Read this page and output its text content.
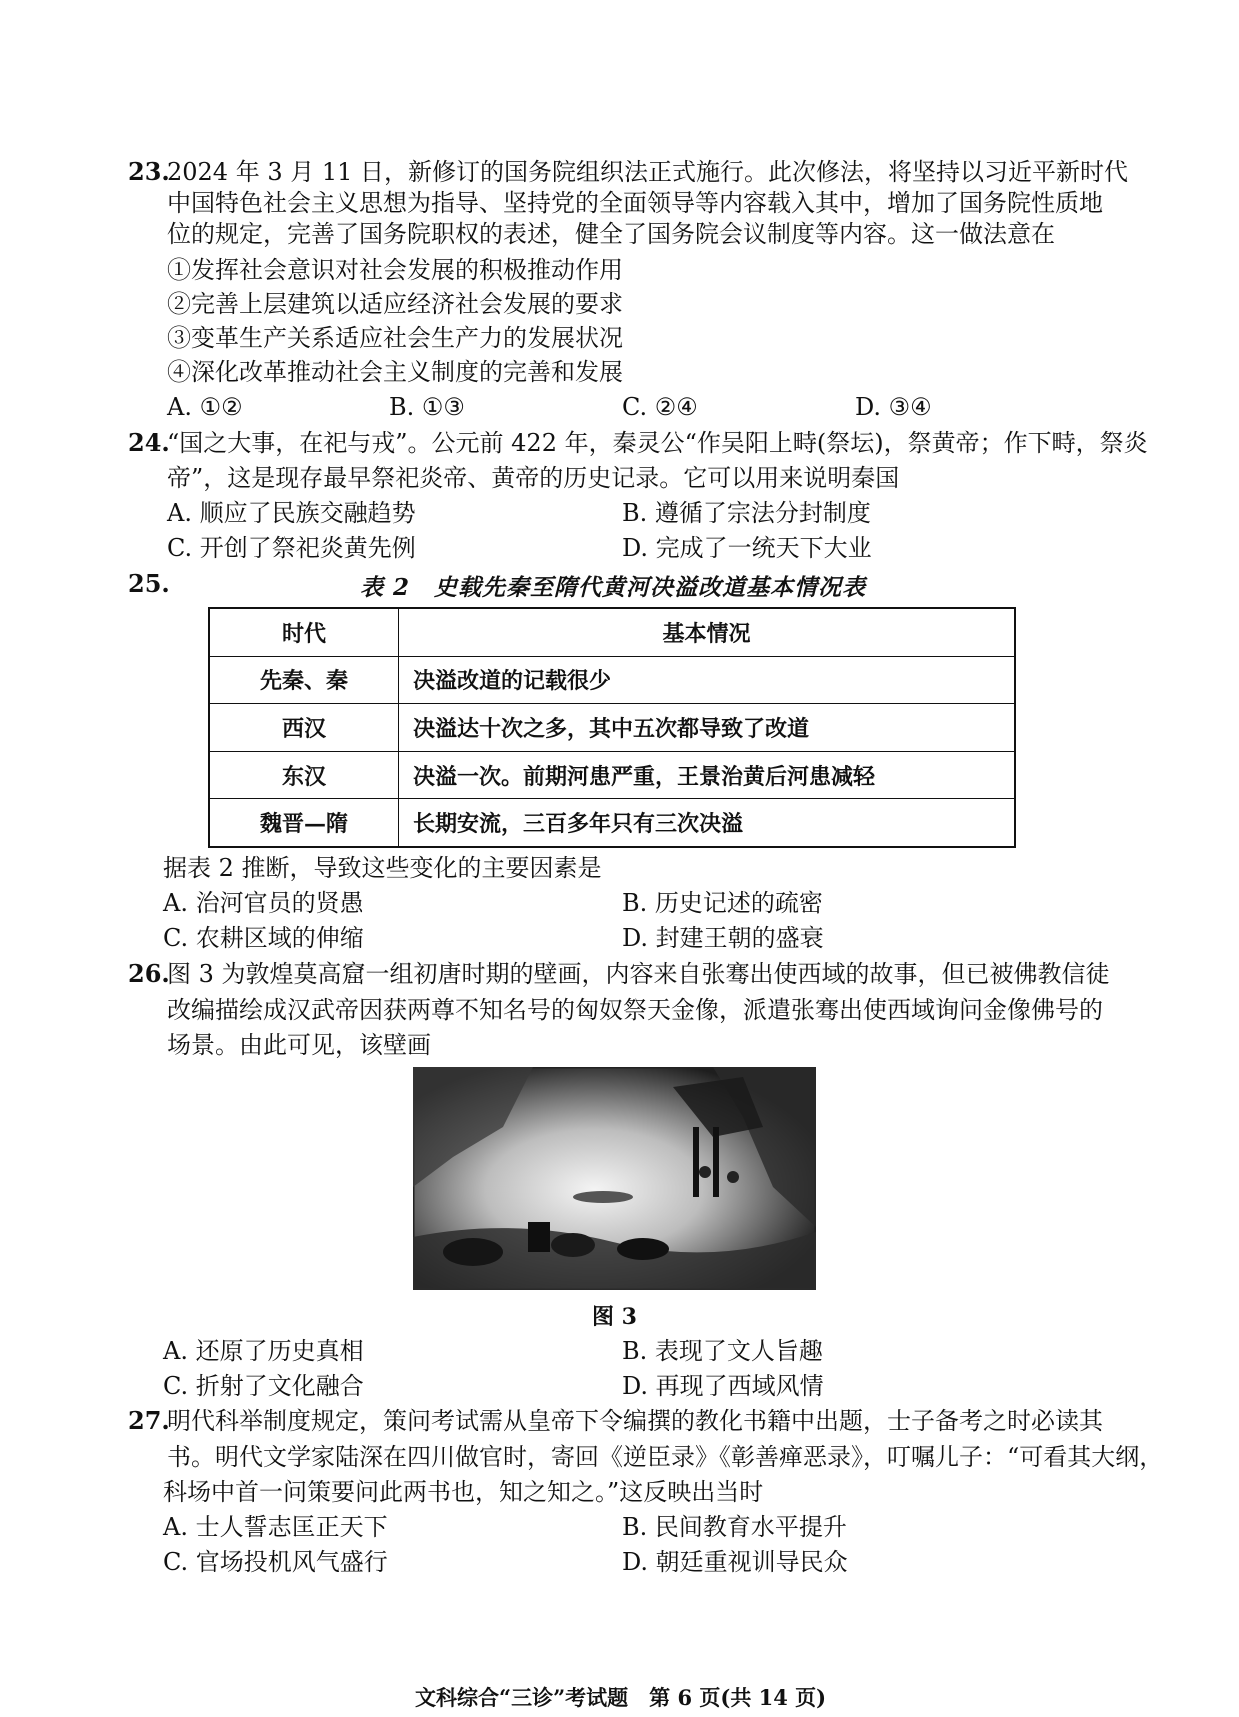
23.
2024 年 3 月 11 日，新修订的国务院组织法正式施行。此次修法，将坚持以习近平新时代
中国特色社会主义思想为指导、坚持党的全面领导等内容载入其中，增加了国务院性质地
位的规定，完善了国务院职权的表述，健全了国务院会议制度等内容。这一做法意在
①发挥社会意识对社会发展的积极推动作用
②完善上层建筑以适应经济社会发展的要求
③变革生产关系适应社会生产力的发展状况
④深化改革推动社会主义制度的完善和发展
A. ①②	B. ①③	C. ②④	D. ③④
24.
“国之大事，在祀与戎”。公元前 422 年，秦灵公“作吴阳上畤(祭坛)，祭黄帝；作下畤，祭炎
帝”，这是现存最早祭祀炎帝、黄帝的历史记录。它可以用来说明秦国
A. 顺应了民族交融趋势	B. 遵循了宗法分封制度
C. 开创了祭祀炎黄先例	D. 完成了一统天下大业
25.	表 2　史载先秦至隋代黄河决溢改道基本情况表
时代	基本情况
先秦、秦	决溢改道的记载很少
西汉	决溢达十次之多，其中五次都导致了改道
东汉	决溢一次。前期河患严重，王景治黄后河患减轻
魏晋—隋	长期安流，三百多年只有三次决溢
据表 2 推断，导致这些变化的主要因素是
A. 治河官员的贤愚	B. 历史记述的疏密
C. 农耕区域的伸缩	D. 封建王朝的盛衰
26.
图 3 为敦煌莫高窟一组初唐时期的壁画，内容来自张骞出使西域的故事，但已被佛教信徒
改编描绘成汉武帝因获两尊不知名号的匈奴祭天金像，派遣张骞出使西域询问金像佛号的
场景。由此可见，该壁画
图 3
A. 还原了历史真相	B. 表现了文人旨趣
C. 折射了文化融合	D. 再现了西域风情
27.
明代科举制度规定，策问考试需从皇帝下令编撰的教化书籍中出题，士子备考之时必读其
书。明代文学家陆深在四川做官时，寄回《逆臣录》《彰善瘅恶录》，叮嘱儿子：“可看其大纲，
科场中首一问策要问此两书也，知之知之。”这反映出当时
A. 士人誓志匡正天下	B. 民间教育水平提升
C. 官场投机风气盛行	D. 朝廷重视训导民众
文科综合“三诊”考试题　第 6 页(共 14 页)
